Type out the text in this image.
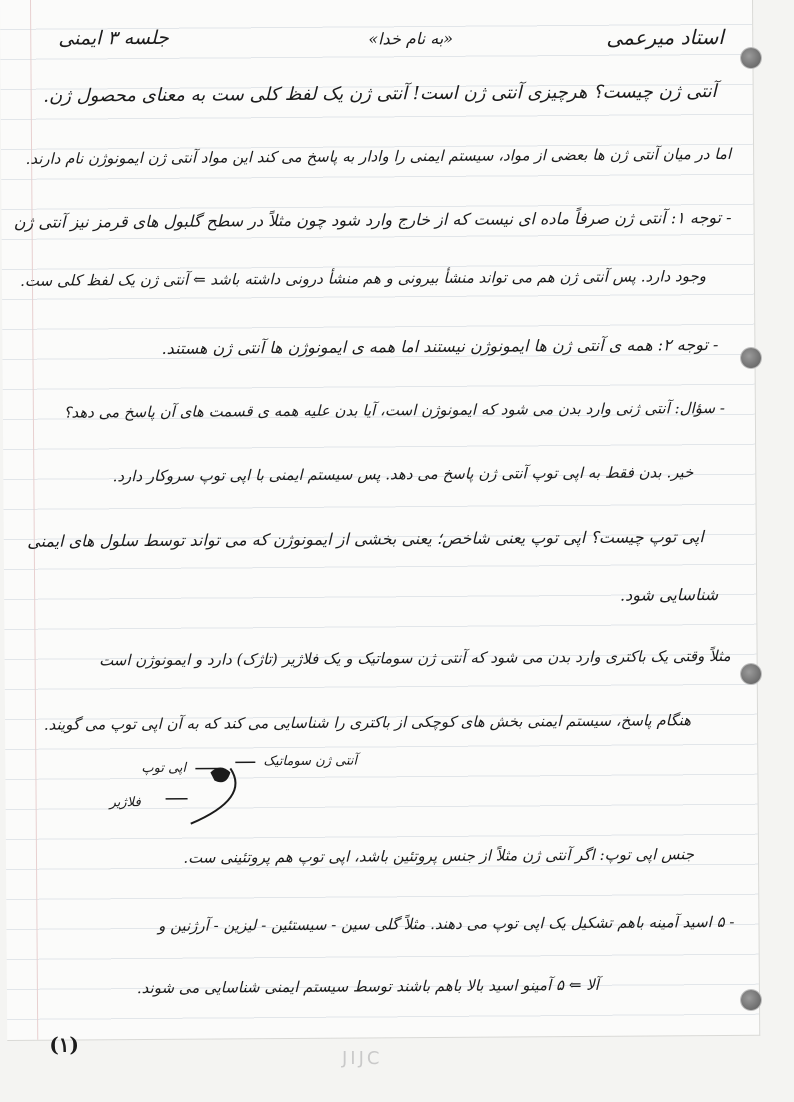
جلسه ۳ ایمنی	«به نام خدا»	استاد میرعمی
آنتی ژن چیست؟ هرچیزی آنتی ژن است! آنتی ژن یک لفظ کلی ست به معنای محصول ژن.
اما در میان آنتی ژن ها بعضی از مواد، سیستم ایمنی را وادار به پاسخ می کند این مواد آنتی ژن ایمونوژن نام دارند.
- توجه ۱: آنتی ژن صرفاً ماده ای نیست که از خارج وارد شود چون مثلاً در سطح گلبول های قرمز نیز آنتی ژن
وجود دارد. پس آنتی ژن هم می تواند منشأ بیرونی و هم منشأ درونی داشته باشد ⇐ آنتی ژن یک لفظ کلی ست.
- توجه ۲: همه ی آنتی ژن ها ایمونوژن نیستند اما همه ی ایمونوژن ها آنتی ژن هستند.
- سؤال: آنتی ژنی وارد بدن می شود که ایمونوژن است، آیا بدن علیه همه ی قسمت های آن پاسخ می دهد؟
خیر. بدن فقط به اپی توپ آنتی ژن پاسخ می دهد. پس سیستم ایمنی با اپی توپ سروکار دارد.
اپی توپ چیست؟ اپی توپ یعنی شاخص؛ یعنی بخشی از ایمونوژن که می تواند توسط سلول های ایمنی
شناسایی شود.
مثلاً وقتی یک باکتری وارد بدن می شود که آنتی ژن سوماتیک و یک فلاژیر (تاژک) دارد و ایمونوژن است
هنگام پاسخ، سیستم ایمنی بخش های کوچکی از باکتری را شناسایی می کند که به آن اپی توپ می گویند.
آنتی ژن سوماتیک
اپی توپ
فلاژیر
جنس اپی توپ: اگر آنتی ژن مثلاً از جنس پروتئین باشد، اپی توپ هم پروتئینی ست.
- ۵ اسید آمینه باهم تشکیل یک اپی توپ می دهند. مثلاً گلی سین - سیستئین - لیزین - آرژنین و
آلا ⇐ ۵ آمینو اسید بالا باهم باشند توسط سیستم ایمنی شناسایی می شوند.
(۱)
JIJC
